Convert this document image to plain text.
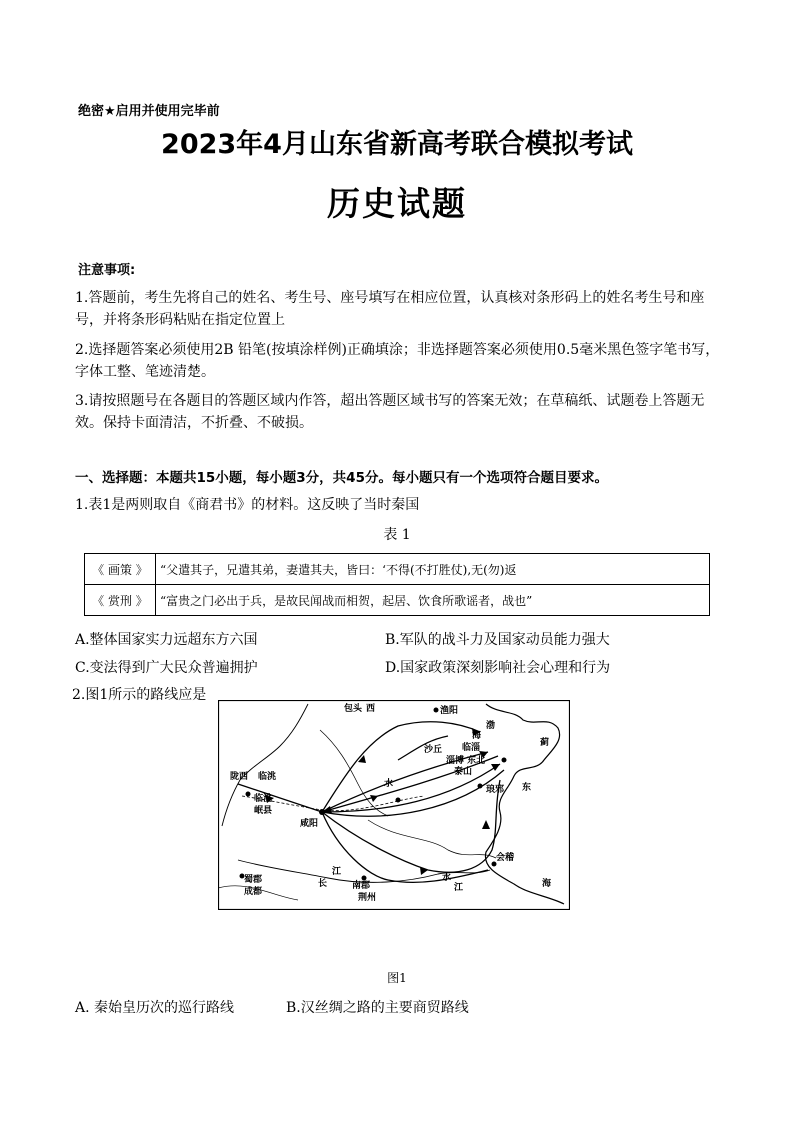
绝密★启用并使用完毕前
2023年4月山东省新高考联合模拟考试
历史试题
注意事项:
1.答题前，考生先将自己的姓名、考生号、座号填写在相应位置，认真核对条形码上的姓名考生号和座号，并将条形码粘贴在指定位置上
2.选择题答案必须使用2B 铅笔(按填涂样例)正确填涂；非选择题答案必须使用0.5毫米黑色签字笔书写，字体工整、笔迹清楚。
3.请按照题号在各题目的答题区域内作答，超出答题区域书写的答案无效；在草稿纸、试题卷上答题无效。保持卡面清洁，不折叠、不破损。
一、选择题：本题共15小题，每小题3分，共45分。每小题只有一个选项符合题目要求。
1.表1是两则取自《商君书》的材料。这反映了当时秦国
表 1
《 画策 》	“父遣其子，兄遣其弟，妻遣其夫，皆曰：‘不得(不打胜仗),无(勿)返
《 赏刑 》	“富贵之门必出于兵，是故民闻战而相贺，起居、饮食所歌谣者，战也”
A.整体国家实力远超东方六国	B.军队的战斗力及国家动员能力强大
C.变法得到广大民众普遍拥护	D.国家政策深刻影响社会心理和行为
2.图1所示的路线应是
包头 西	渔阳
渤
海
蓟
沙丘 临淄
淄博 东北
泰山
陇西 临洮
临洮
岷县
水
咸阳
琅邪 东
蜀郡
成都
江
长	南郡
荆州
水
江
会稽
海
图1
A. 秦始皇历次的巡行路线	B.汉丝绸之路的主要商贸路线
